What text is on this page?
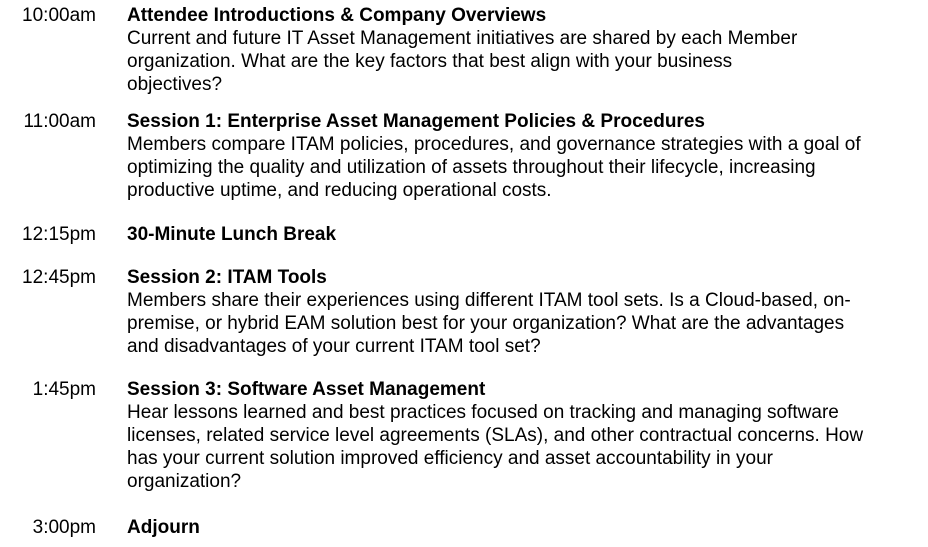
10:00am Attendee Introductions & Company Overviews
Current and future IT Asset Management initiatives are shared by each Member
organization. What are the key factors that best align with your business
objectives?
11:00am Session 1: Enterprise Asset Management Policies & Procedures
Members compare ITAM policies, procedures, and governance strategies with a goal of
optimizing the quality and utilization of assets throughout their lifecycle, increasing
productive uptime, and reducing operational costs.
12:15pm 30-Minute Lunch Break
12:45pm Session 2: ITAM Tools
Members share their experiences using different ITAM tool sets. Is a Cloud-based, on-
premise, or hybrid EAM solution best for your organization? What are the advantages
and disadvantages of your current ITAM tool set?
1:45pm Session 3: Software Asset Management
Hear lessons learned and best practices focused on tracking and managing software
licenses, related service level agreements (SLAs), and other contractual concerns. How
has your current solution improved efficiency and asset accountability in your
organization?
3:00pm Adjourn
